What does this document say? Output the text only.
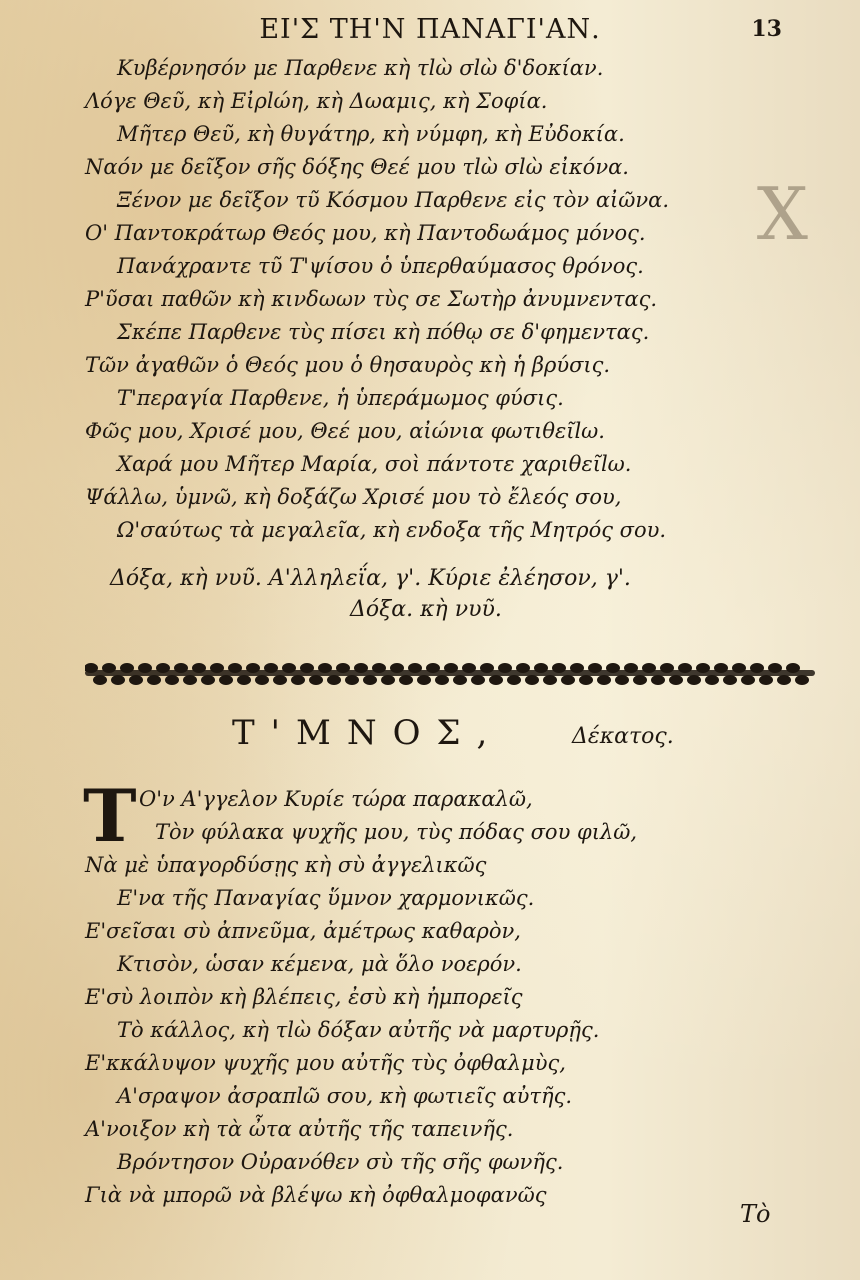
Χ
ΕΙ'Σ ΤΗ'Ν ΠΑΝΑΓΙ'ΑΝ.	13
Κυβέρνησόν με Παρθενε κὴ τlὼ σlὼ δ'δοκίαν.
Λόγε Θεῦ, κὴ Εἰρlώη, κὴ Δωαμις, κὴ Σοφία.
Μῆτερ Θεῦ, κὴ θυγάτηρ, κὴ νύμφη, κὴ Εὐδοκία.
Ναόν με δεῖξον σῆς δόξης Θεέ μου τlὼ σlὼ εἰκόνα.
Ξένον με δεῖξον τῦ Κόσμου Παρθενε εἰς τὸν αἰῶνα.
Ο' Παντοκράτωρ Θεός μου, κὴ Παντοδωάμος μόνος.
Πανάχραντε τῦ Τ'ψίσου ὁ ὑπερθαύμασος θρόνος.
Ρ'ῦσαι παθῶν κὴ κινδωων τὺς σε Σωτὴρ ἀνυμνεντας.
Σκέπε Παρθενε τὺς πίσει κὴ πόθῳ σε δ'φημεντας.
Τῶν ἀγαθῶν ὁ Θεός μου ὁ θησαυρὸς κὴ ἡ βρύσις.
Τ'περαγία Παρθενε, ἡ ὑπεράμωμος φύσις.
Φῶς μου, Χρισέ μου, Θεέ μου, αἰώνια φωτιθεῖlω.
Χαρά μου Μῆτερ Μαρία, σοὶ πάντοτε χαριθεῖlω.
Ψάλλω, ὑμνῶ, κὴ δοξάζω Χρισέ μου τὸ ἔλεός σου,
Ω'σαύτως τὰ μεγαλεῖα, κὴ ενδοξα τῆς Μητρός σου.
Δόξα, κὴ νυῦ. Α'λληλεΐα, γ'. Κύριε ἐλέησον, γ'.
Δόξα. κὴ νυῦ.
Τ'ΜΝΟΣ,	Δέκατος.
Τ Ο'ν Α'γγελον Κυρίε τώρα παρακαλῶ,
Τὸν φύλακα ψυχῆς μου, τὺς πόδας σου φιλῶ,
Νὰ μὲ ὑπαγορδύσῃς κὴ σὺ ἀγγελικῶς
Ε'να τῆς Παναγίας ὕμνον χαρμονικῶς.
Ε'σεῖσαι σὺ ἀπνεῦμα, ἀμέτρως καθαρὸν,
Κτισὸν, ὡσαν κέμενα, μὰ ὅλο νοερόν.
Ε'σὺ λοιπὸν κὴ βλέπεις, ἐσὺ κὴ ἠμπορεῖς
Τὸ κάλλος, κὴ τlὼ δόξαν αὐτῆς νὰ μαρτυρῇς.
Ε'κκάλυψον ψυχῆς μου αὐτῆς τὺς ὀφθαλμὺς,
Α'σραψον ἀσραπlῶ σου, κὴ φωτιεῖς αὐτῆς.
Α'νοιξον κὴ τὰ ὦτα αὐτῆς τῆς ταπεινῆς.
Βρόντησον Οὐρανόθεν σὺ τῆς σῆς φωνῆς.
Γιὰ νὰ μπορῶ νὰ βλέψω κὴ ὀφθαλμοφανῶς
Τὸ
